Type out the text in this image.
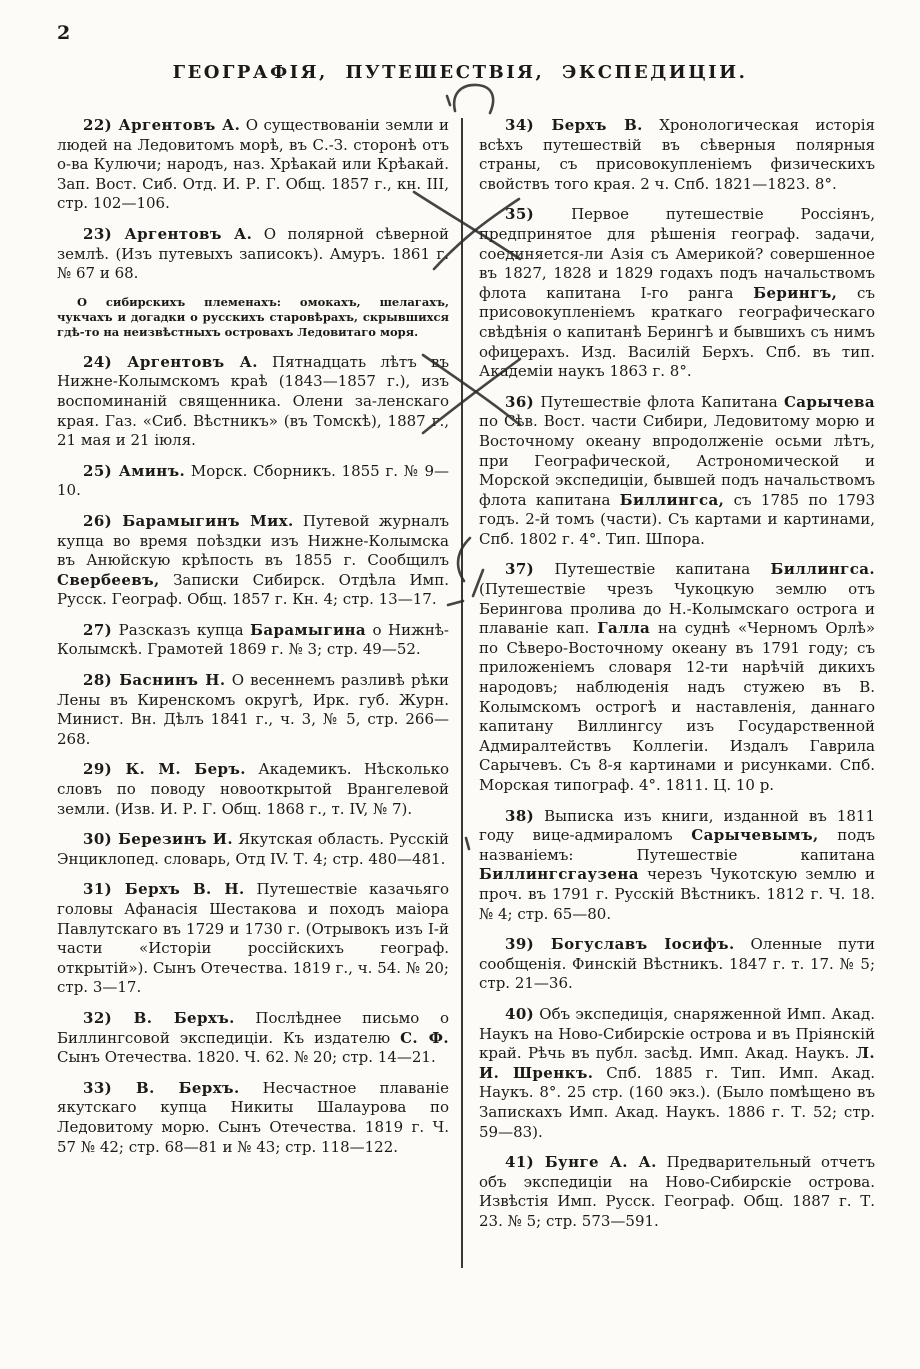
2
ГЕОГРАФІЯ, ПУТЕШЕСТВІЯ, ЭКСПЕДИЦІИ.

22) Аргентовъ А. О существованіи земли и людей на Ледовитомъ морѣ, въ С.-З. сторонѣ отъ о-ва Кулючи; народъ, наз. Хрѣакай или Крѣакай. Зап. Вост. Сиб. Отд. И. Р. Г. Общ. 1857 г., кн. III, стр. 102—106.

23) Аргентовъ А. О полярной сѣверной землѣ. (Изъ путевыхъ записокъ). Амуръ. 1861 г. № 67 и 68.

О сибирскихъ племенахъ: омокахъ, шелагахъ, чукчахъ и догадки о русскихъ старовѣрахъ, скрывшихся гдѣ-то на неизвѣстныхъ островахъ Ледовитаго моря.

24) Аргентовъ А. Пятнадцать лѣтъ въ Нижне-Колымскомъ краѣ (1843—1857 г.), изъ воспоминаній священника. Олени за-ленскаго края. Газ. «Сиб. Вѣстникъ» (въ Томскѣ), 1887 г., 21 мая и 21 іюля.

25) Аминъ. Морск. Сборникъ. 1855 г. № 9—10.

26) Барамыгинъ Мих. Путевой журналъ купца во время поѣздки изъ Нижне-Колымска въ Анюйскую крѣпость въ 1855 г. Сообщилъ Свербеевъ, Записки Сибирск. Отдѣла Имп. Русск. Географ. Общ. 1857 г. Кн. 4; стр. 13—17.

27) Разсказъ купца Барамыгина о Нижнѣ-Колымскѣ. Грамотей 1869 г. № 3; стр. 49—52.

28) Баснинъ Н. О весеннемъ разливѣ рѣки Лены въ Киренскомъ округѣ, Ирк. губ. Журн. Минист. Вн. Дѣлъ 1841 г., ч. 3, № 5, стр. 266—268.

29) К. М. Беръ. Академикъ. Нѣсколько словъ по поводу новооткрытой Врангелевой земли. (Изв. И. Р. Г. Общ. 1868 г., т. IV, № 7).

30) Березинъ И. Якутская область. Русскій Энциклопед. словарь, Отд IV. Т. 4; стр. 480—481.

31) Берхъ В. Н. Путешествіе казачьяго головы Афанасія Шестакова и походъ маіора Павлутскаго въ 1729 и 1730 г. (Отрывокъ изъ I-й части «Исторіи россійскихъ географ. открытій»). Сынъ Отечества. 1819 г., ч. 54. № 20; стр. 3—17.

32) В. Берхъ. Послѣднее письмо о Биллингсовой экспедиціи. Къ издателю С. Ф. Сынъ Отечества. 1820. Ч. 62. № 20; стр. 14—21.

33) В. Берхъ. Несчастное плаваніе якутскаго купца Никиты Шалаурова по Ледовитому морю. Сынъ Отечества. 1819 г. Ч. 57 № 42; стр. 68—81 и № 43; стр. 118—122.

34) Берхъ В. Хронологическая исторія всѣхъ путешествій въ сѣверныя полярныя страны, съ присовокупленіемъ физическихъ свойствъ того края. 2 ч. Спб. 1821—1823. 8°.

35) Первое путешествіе Россіянъ, предпринятое для рѣшенія географ. задачи, соединяется-ли Азія съ Америкой? совершенное въ 1827, 1828 и 1829 годахъ подъ начальствомъ флота капитана I-го ранга Берингъ, съ присовокупленіемъ краткаго географическаго свѣдѣнія о капитанѣ Берингѣ и бывшихъ съ нимъ офицерахъ. Изд. Василій Берхъ. Спб. въ тип. Академіи наукъ 1863 г. 8°.

36) Путешествіе флота Капитана Сарычева по Сѣв. Вост. части Сибири, Ледовитому морю и Восточному океану впродолженіе осьми лѣтъ, при Географической, Астрономической и Морской экспедиціи, бывшей подъ начальствомъ флота капитана Биллингса, съ 1785 по 1793 годъ. 2-й томъ (части). Съ картами и картинами, Спб. 1802 г. 4°. Тип. Шпора.

37) Путешествіе капитана Биллингса. (Путешествіе чрезъ Чукоцкую землю отъ Берингова пролива до Н.-Колымскаго острога и плаваніе кап. Галла на суднѣ «Черномъ Орлѣ» по Сѣверо-Восточному океану въ 1791 году; съ приложеніемъ словаря 12-ти нарѣчій дикихъ народовъ; наблюденія надъ стужею въ В. Колымскомъ острогѣ и наставленія, даннаго капитану Виллингсу изъ Государственной Адмиралтействъ Коллегіи. Издалъ Гаврила Сарычевъ. Съ 8-я картинами и рисунками. Спб. Морская типограф. 4°. 1811. Ц. 10 р.

38) Выписка изъ книги, изданной въ 1811 году вице-адмираломъ Сарычевымъ, подъ названіемъ: Путешествіе капитана Биллингсгаузена черезъ Чукотскую землю и проч. въ 1791 г. Русскій Вѣстникъ. 1812 г. Ч. 18. № 4; стр. 65—80.

39) Богуславъ Іосифъ. Оленные пути сообщенія. Финскій Вѣстникъ. 1847 г. т. 17. № 5; стр. 21—36.

40) Объ экспедиція, снаряженной Имп. Акад. Наукъ на Ново-Сибирскіе острова и въ Пріянскій край. Рѣчь въ публ. засѣд. Имп. Акад. Наукъ. Л. И. Шренкъ. Спб. 1885 г. Тип. Имп. Акад. Наукъ. 8°. 25 стр. (160 экз.). (Было помѣщено въ Запискахъ Имп. Акад. Наукъ. 1886 г. Т. 52; стр. 59—83).

41) Бунге А. А. Предварительный отчетъ объ экспедиціи на Ново-Сибирскіе острова. Извѣстія Имп. Русск. Географ. Общ. 1887 г. Т. 23. № 5; стр. 573—591.
